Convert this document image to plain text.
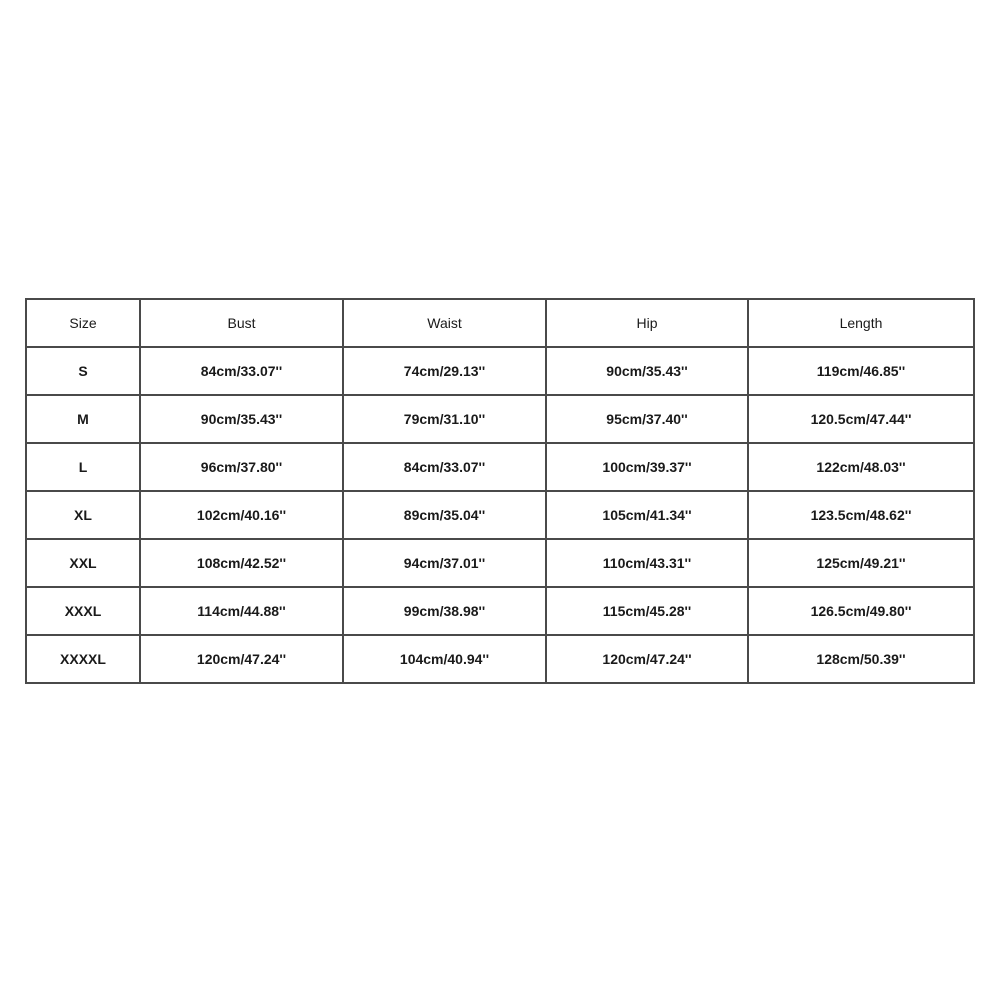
Size	Bust	Waist	Hip	Length
S	84cm/33.07''	74cm/29.13''	90cm/35.43''	119cm/46.85''
M	90cm/35.43''	79cm/31.10''	95cm/37.40''	120.5cm/47.44''
L	96cm/37.80''	84cm/33.07''	100cm/39.37''	122cm/48.03''
XL	102cm/40.16''	89cm/35.04''	105cm/41.34''	123.5cm/48.62''
XXL	108cm/42.52''	94cm/37.01''	110cm/43.31''	125cm/49.21''
XXXL	114cm/44.88''	99cm/38.98''	115cm/45.28''	126.5cm/49.80''
XXXXL	120cm/47.24''	104cm/40.94''	120cm/47.24''	128cm/50.39''
